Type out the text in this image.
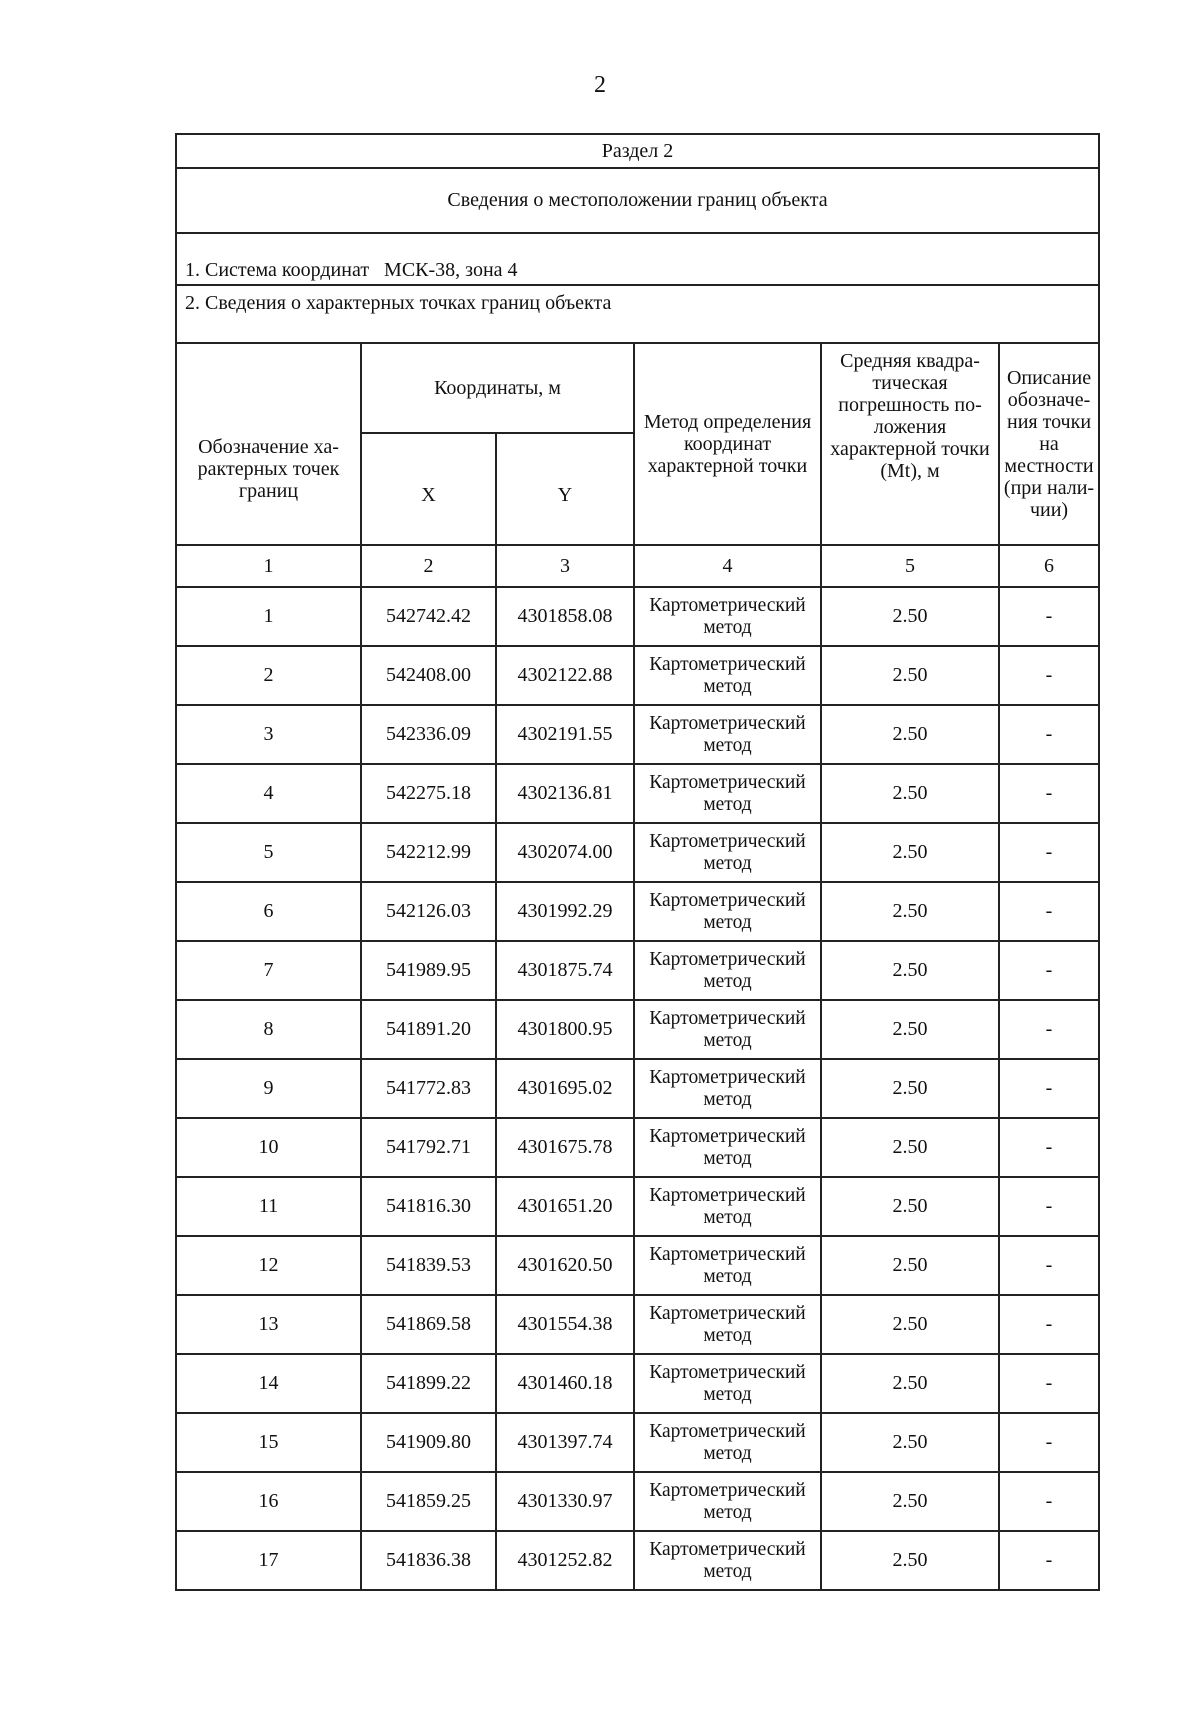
2
Раздел 2					
Сведения о местоположении границ объекта					
1. Система координат   МСК-38, зона 4					
2. Сведения о характерных точках границ объекта					
Обозначение ха-рактерных точек границ	Координаты, м		Метод определения координат характерной точки	Средняя квадра-тическая погрешность по-ложения характерной точки (Mt), м	Описание обозначе-ния точки на местности (при нали-чии)
	X	Y			
1	2	3	4	5	6
1	542742.42	4301858.08	Картометрический метод	2.50	-
2	542408.00	4302122.88	Картометрический метод	2.50	-
3	542336.09	4302191.55	Картометрический метод	2.50	-
4	542275.18	4302136.81	Картометрический метод	2.50	-
5	542212.99	4302074.00	Картометрический метод	2.50	-
6	542126.03	4301992.29	Картометрический метод	2.50	-
7	541989.95	4301875.74	Картометрический метод	2.50	-
8	541891.20	4301800.95	Картометрический метод	2.50	-
9	541772.83	4301695.02	Картометрический метод	2.50	-
10	541792.71	4301675.78	Картометрический метод	2.50	-
11	541816.30	4301651.20	Картометрический метод	2.50	-
12	541839.53	4301620.50	Картометрический метод	2.50	-
13	541869.58	4301554.38	Картометрический метод	2.50	-
14	541899.22	4301460.18	Картометрический метод	2.50	-
15	541909.80	4301397.74	Картометрический метод	2.50	-
16	541859.25	4301330.97	Картометрический метод	2.50	-
17	541836.38	4301252.82	Картометрический метод	2.50	-
